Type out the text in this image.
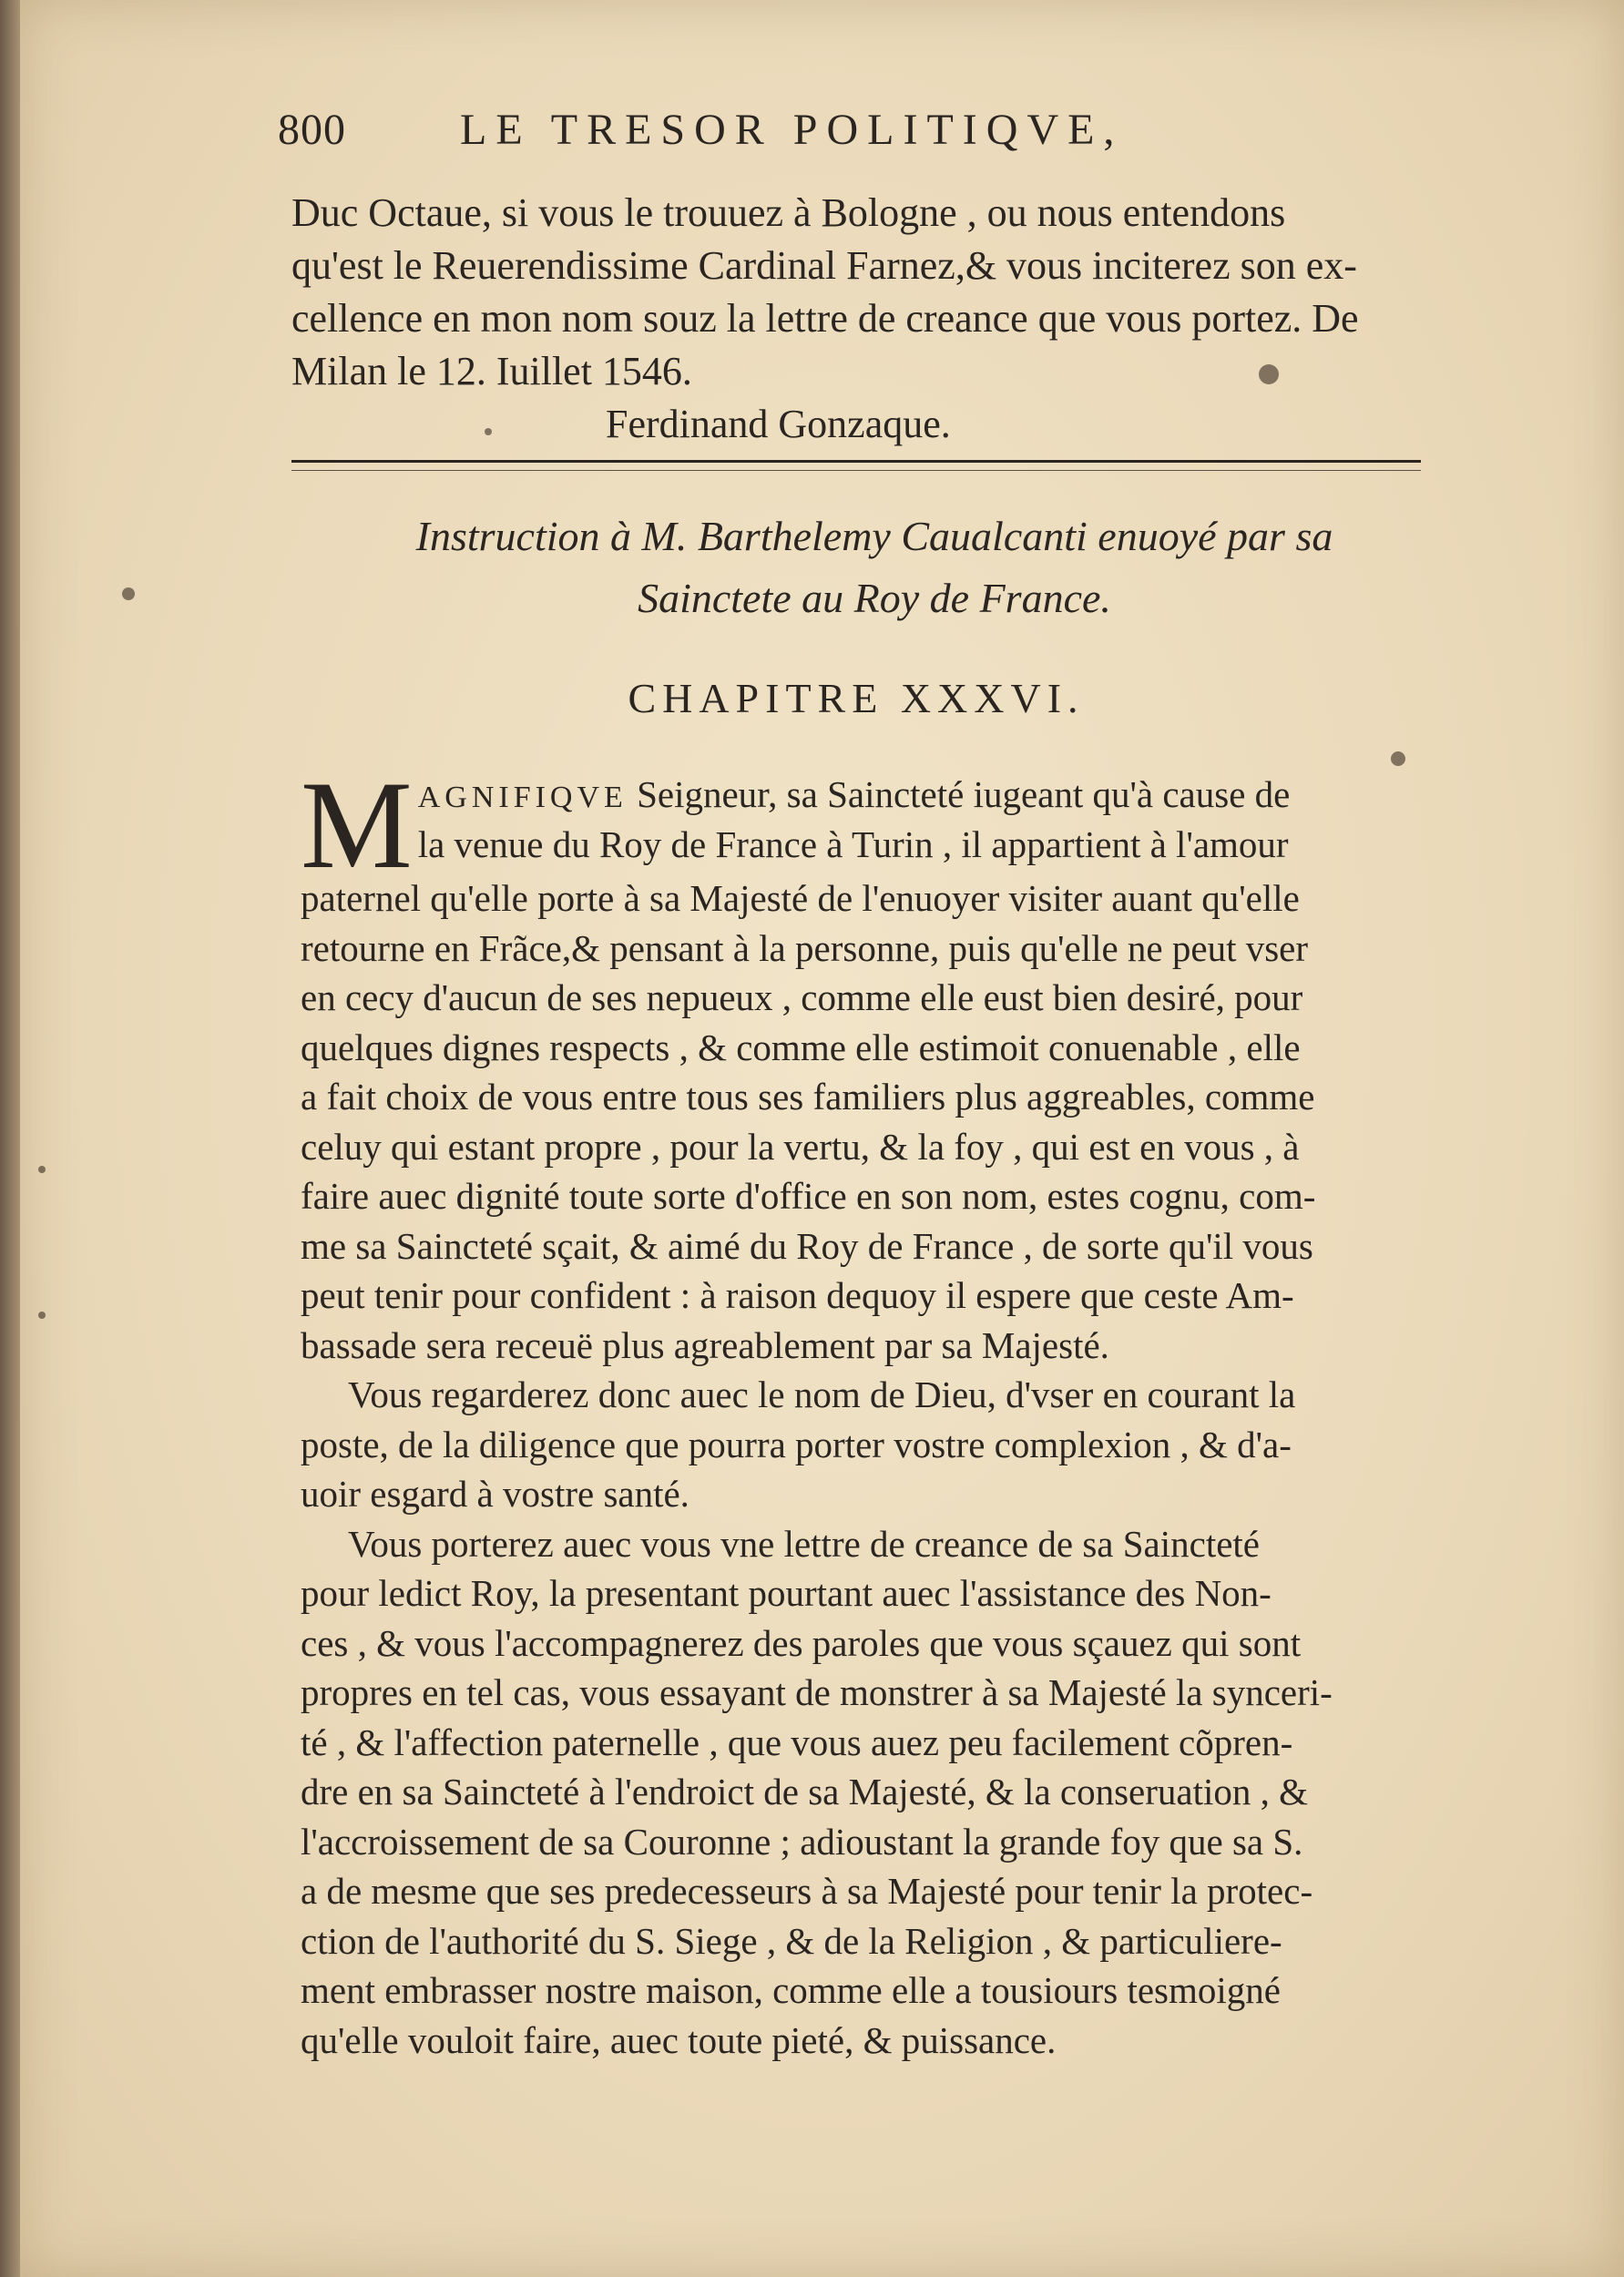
800	LE TRESOR POLITIQVE,
Duc Octaue, si vous le trouuez à Bologne , ou nous entendons
qu'est le Reuerendissime Cardinal Farnez,& vous inciterez son ex-
cellence en mon nom souz la lettre de creance que vous portez. De
Milan le 12. Iuillet 1546.
Ferdinand Gonzaque.
Instruction à M. Barthelemy Caualcanti enuoyé par sa
Sainctete au Roy de France.
CHAPITRE XXXVI.
M AGNIFIQVE Seigneur, sa Saincteté iugeant qu'à cause de
la venue du Roy de France à Turin , il appartient à l'amour
paternel qu'elle porte à sa Majesté de l'enuoyer visiter auant qu'elle
retourne en Frãce,& pensant à la personne, puis qu'elle ne peut vser
en cecy d'aucun de ses nepueux , comme elle eust bien desiré, pour
quelques dignes respects , & comme elle estimoit conuenable , elle
a fait choix de vous entre tous ses familiers plus aggreables, comme
celuy qui estant propre , pour la vertu, & la foy , qui est en vous , à
faire auec dignité toute sorte d'office en son nom, estes cognu, com-
me sa Saincteté sçait, & aimé du Roy de France , de sorte qu'il vous
peut tenir pour confident : à raison dequoy il espere que ceste Am-
bassade sera receuë plus agreablement par sa Majesté.
Vous regarderez donc auec le nom de Dieu, d'vser en courant la
poste, de la diligence que pourra porter vostre complexion , & d'a-
uoir esgard à vostre santé.
Vous porterez auec vous vne lettre de creance de sa Saincteté
pour ledict Roy, la presentant pourtant auec l'assistance des Non-
ces , & vous l'accompagnerez des paroles que vous sçauez qui sont
propres en tel cas, vous essayant de monstrer à sa Majesté la synceri-
té , & l'affection paternelle , que vous auez peu facilement cõpren-
dre en sa Saincteté à l'endroict de sa Majesté, & la conseruation , &
l'accroissement de sa Couronne ; adioustant la grande foy que sa S.
a de mesme que ses predecesseurs à sa Majesté pour tenir la protec-
ction de l'authorité du S. Siege , & de la Religion , & particuliere-
ment embrasser nostre maison, comme elle a tousiours tesmoigné
qu'elle vouloit faire, auec toute pieté, & puissance.
